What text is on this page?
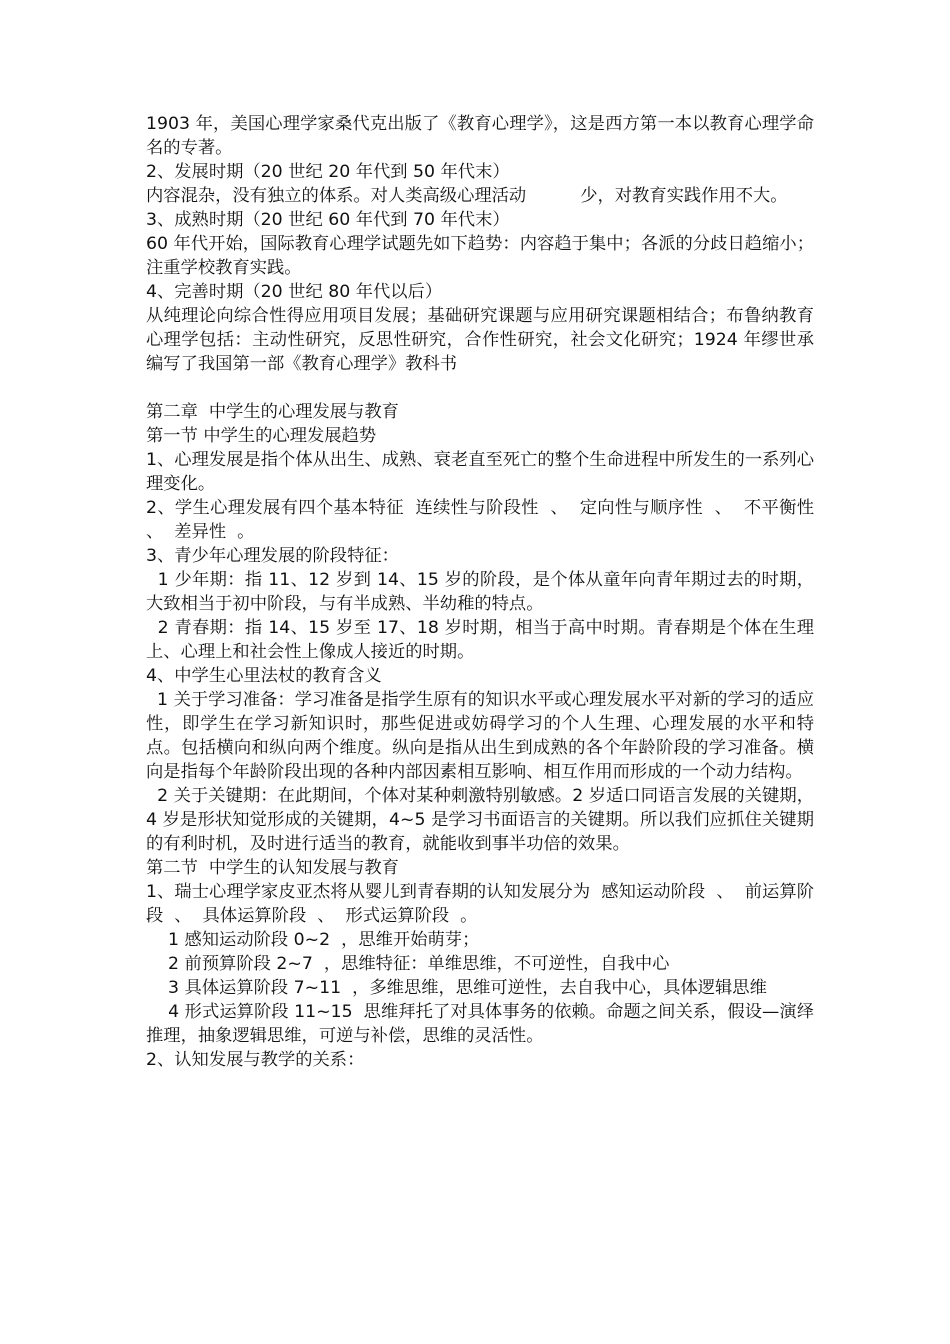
1903 年，美国心理学家桑代克出版了《教育心理学》，这是西方第一本以教育心理学命名的专著。

2、发展时期（20 世纪 20 年代到 50 年代末）

内容混杂，没有独立的体系。对人类高级心理活动	少，对教育实践作用不大。

3、成熟时期（20 世纪 60 年代到 70 年代末）

60 年代开始，国际教育心理学试题先如下趋势：内容趋于集中；各派的分歧日趋缩小；注重学校教育实践。

4、完善时期（20 世纪 80 年代以后）

从纯理论向综合性得应用项目发展；基础研究课题与应用研究课题相结合；布鲁纳教育心理学包括：主动性研究，反思性研究，合作性研究，社会文化研究；1924 年缪世承编写了我国第一部《教育心理学》教科书

第二章  中学生的心理发展与教育

第一节 中学生的心理发展趋势

1、心理发展是指个体从出生、成熟、衰老直至死亡的整个生命进程中所发生的一系列心理变化。

2、学生心理发展有四个基本特征  连续性与阶段性  、  定向性与顺序性  、  不平衡性  、  差异性  。

3、青少年心理发展的阶段特征：

1 少年期：指 11、12 岁到 14、15 岁的阶段，是个体从童年向青年期过去的时期，大致相当于初中阶段，与有半成熟、半幼稚的特点。

2 青春期：指 14、15 岁至 17、18 岁时期，相当于高中时期。青春期是个体在生理上、心理上和社会性上像成人接近的时期。

4、中学生心里法杖的教育含义

1 关于学习准备：学习准备是指学生原有的知识水平或心理发展水平对新的学习的适应性，即学生在学习新知识时，那些促进或妨碍学习的个人生理、心理发展的水平和特点。包括横向和纵向两个维度。纵向是指从出生到成熟的各个年龄阶段的学习准备。横向是指每个年龄阶段出现的各种内部因素相互影响、相互作用而形成的一个动力结构。

2 关于关键期：在此期间，个体对某种刺激特别敏感。2 岁适口同语言发展的关键期，4 岁是形状知觉形成的关键期，4~5 是学习书面语言的关键期。所以我们应抓住关键期的有利时机，及时进行适当的教育，就能收到事半功倍的效果。

第二节  中学生的认知发展与教育

1、瑞士心理学家皮亚杰将从婴儿到青春期的认知发展分为  感知运动阶段  、  前运算阶段  、  具体运算阶段  、  形式运算阶段  。

1 感知运动阶段 0~2  ，思维开始萌芽；

2 前预算阶段 2~7  ，思维特征：单维思维，不可逆性，自我中心

3 具体运算阶段 7~11  ，多维思维，思维可逆性，去自我中心，具体逻辑思维

4 形式运算阶段 11~15  思维拜托了对具体事务的依赖。命题之间关系，假设—演绎推理，抽象逻辑思维，可逆与补偿，思维的灵活性。

2、认知发展与教学的关系：
